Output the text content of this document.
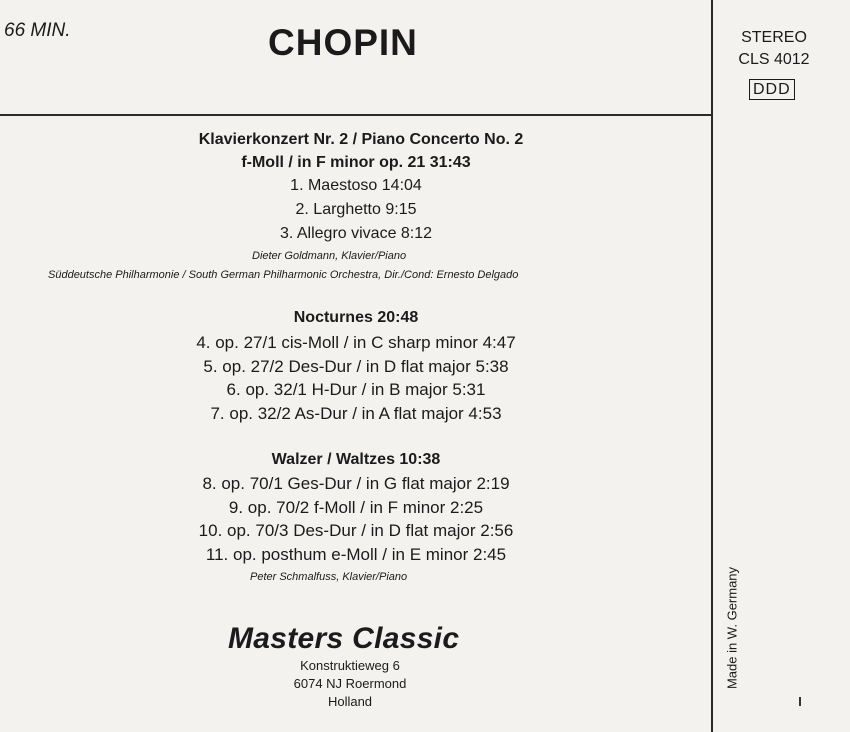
66 MIN.	CHOPIN	STEREO
CLS 4012
DDD
Klavierkonzert Nr. 2 / Piano Concerto No. 2
f-Moll / in F minor op. 21 31:43
1. Maestoso 14:04
2. Larghetto 9:15
3. Allegro vivace 8:12
Dieter Goldmann, Klavier/Piano
Süddeutsche Philharmonie / South German Philharmonic Orchestra, Dir./Cond: Ernesto Delgado
Nocturnes 20:48
4. op. 27/1 cis-Moll / in C sharp minor 4:47
5. op. 27/2 Des-Dur / in D flat major 5:38
6. op. 32/1 H-Dur / in B major 5:31
7. op. 32/2 As-Dur / in A flat major 4:53
Walzer / Waltzes 10:38
8. op. 70/1 Ges-Dur / in G flat major 2:19
9. op. 70/2 f-Moll / in F minor 2:25
10. op. 70/3 Des-Dur / in D flat major 2:56
11. op. posthum e-Moll / in E minor 2:45
Peter Schmalfuss, Klavier/Piano
Masters Classic
Konstruktieweg 6
6074 NJ Roermond
Holland
Made in W. Germany
